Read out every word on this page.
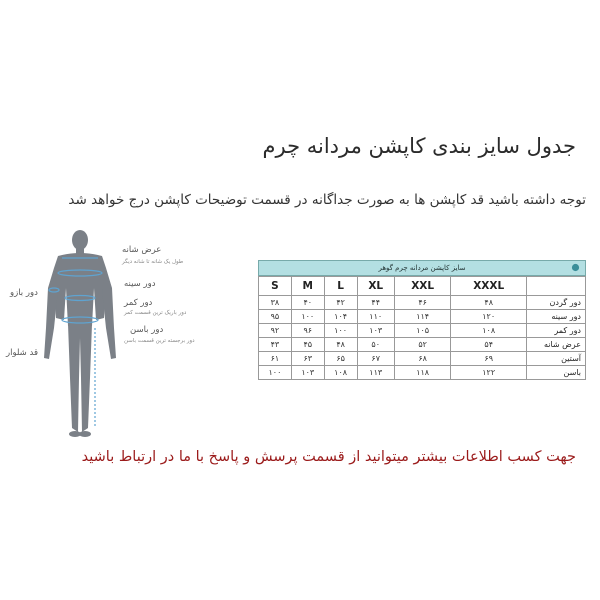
جدول سایز بندی کاپشن مردانه چرم
توجه داشته باشید قد کاپشن ها به صورت جداگانه در قسمت توضیحات کاپشن درج خواهد شد
عرض شانه
طول یک شانه تا شانه دیگر
دور سینه
دور کمر
دور باریک ترین قسمت کمر
دور باسن
دور برجسته ترین قسمت باسن
دور بازو
قد شلوار
سایز کاپشن مردانه چرم گوهر
	XXXL	XXL	XL	L	M	S
دور گردن	۴۸	۴۶	۴۴	۴۲	۴۰	۳۸
دور سینه	۱۲۰	۱۱۴	۱۱۰	۱۰۴	۱۰۰	۹۵
دور کمر	۱۰۸	۱۰۵	۱۰۳	۱۰۰	۹۶	۹۲
عرض شانه	۵۴	۵۲	۵۰	۴۸	۴۵	۴۳
آستین	۶۹	۶۸	۶۷	۶۵	۶۳	۶۱
باسن	۱۲۲	۱۱۸	۱۱۳	۱۰۸	۱۰۳	۱۰۰
جهت کسب اطلاعات بیشتر میتوانید از قسمت پرسش و پاسخ با ما در ارتباط باشید
